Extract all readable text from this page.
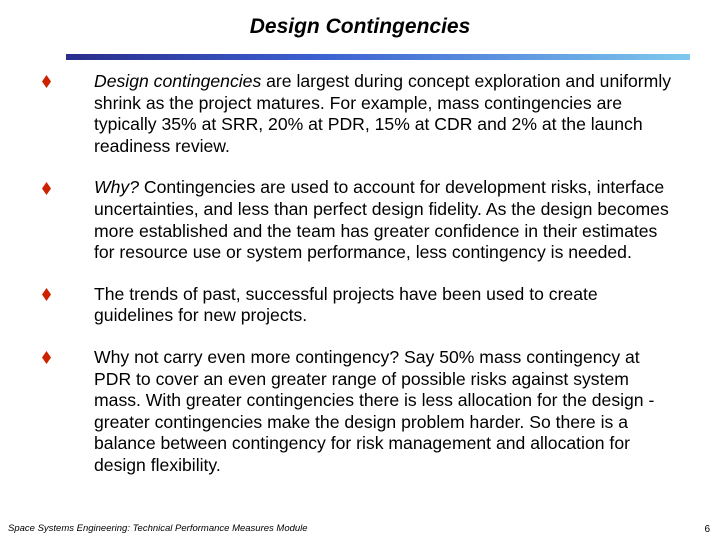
Design Contingencies
Design contingencies are largest during concept exploration and uniformly shrink as the project matures. For example, mass contingencies are typically 35% at SRR, 20% at PDR, 15% at CDR and 2% at the launch readiness review.
Why? Contingencies are used to account for development risks, interface uncertainties, and less than perfect design fidelity. As the design becomes more established and the team has greater confidence in their estimates for resource use or system performance, less contingency is needed.
The trends of past, successful projects have been used to create guidelines for new projects.
Why not carry even more contingency? Say 50% mass contingency at PDR to cover an even greater range of possible risks against system mass. With greater contingencies there is less allocation for the design - greater contingencies make the design problem harder. So there is a balance between contingency for risk management and allocation for design flexibility.
Space Systems Engineering: Technical Performance Measures Module	6
